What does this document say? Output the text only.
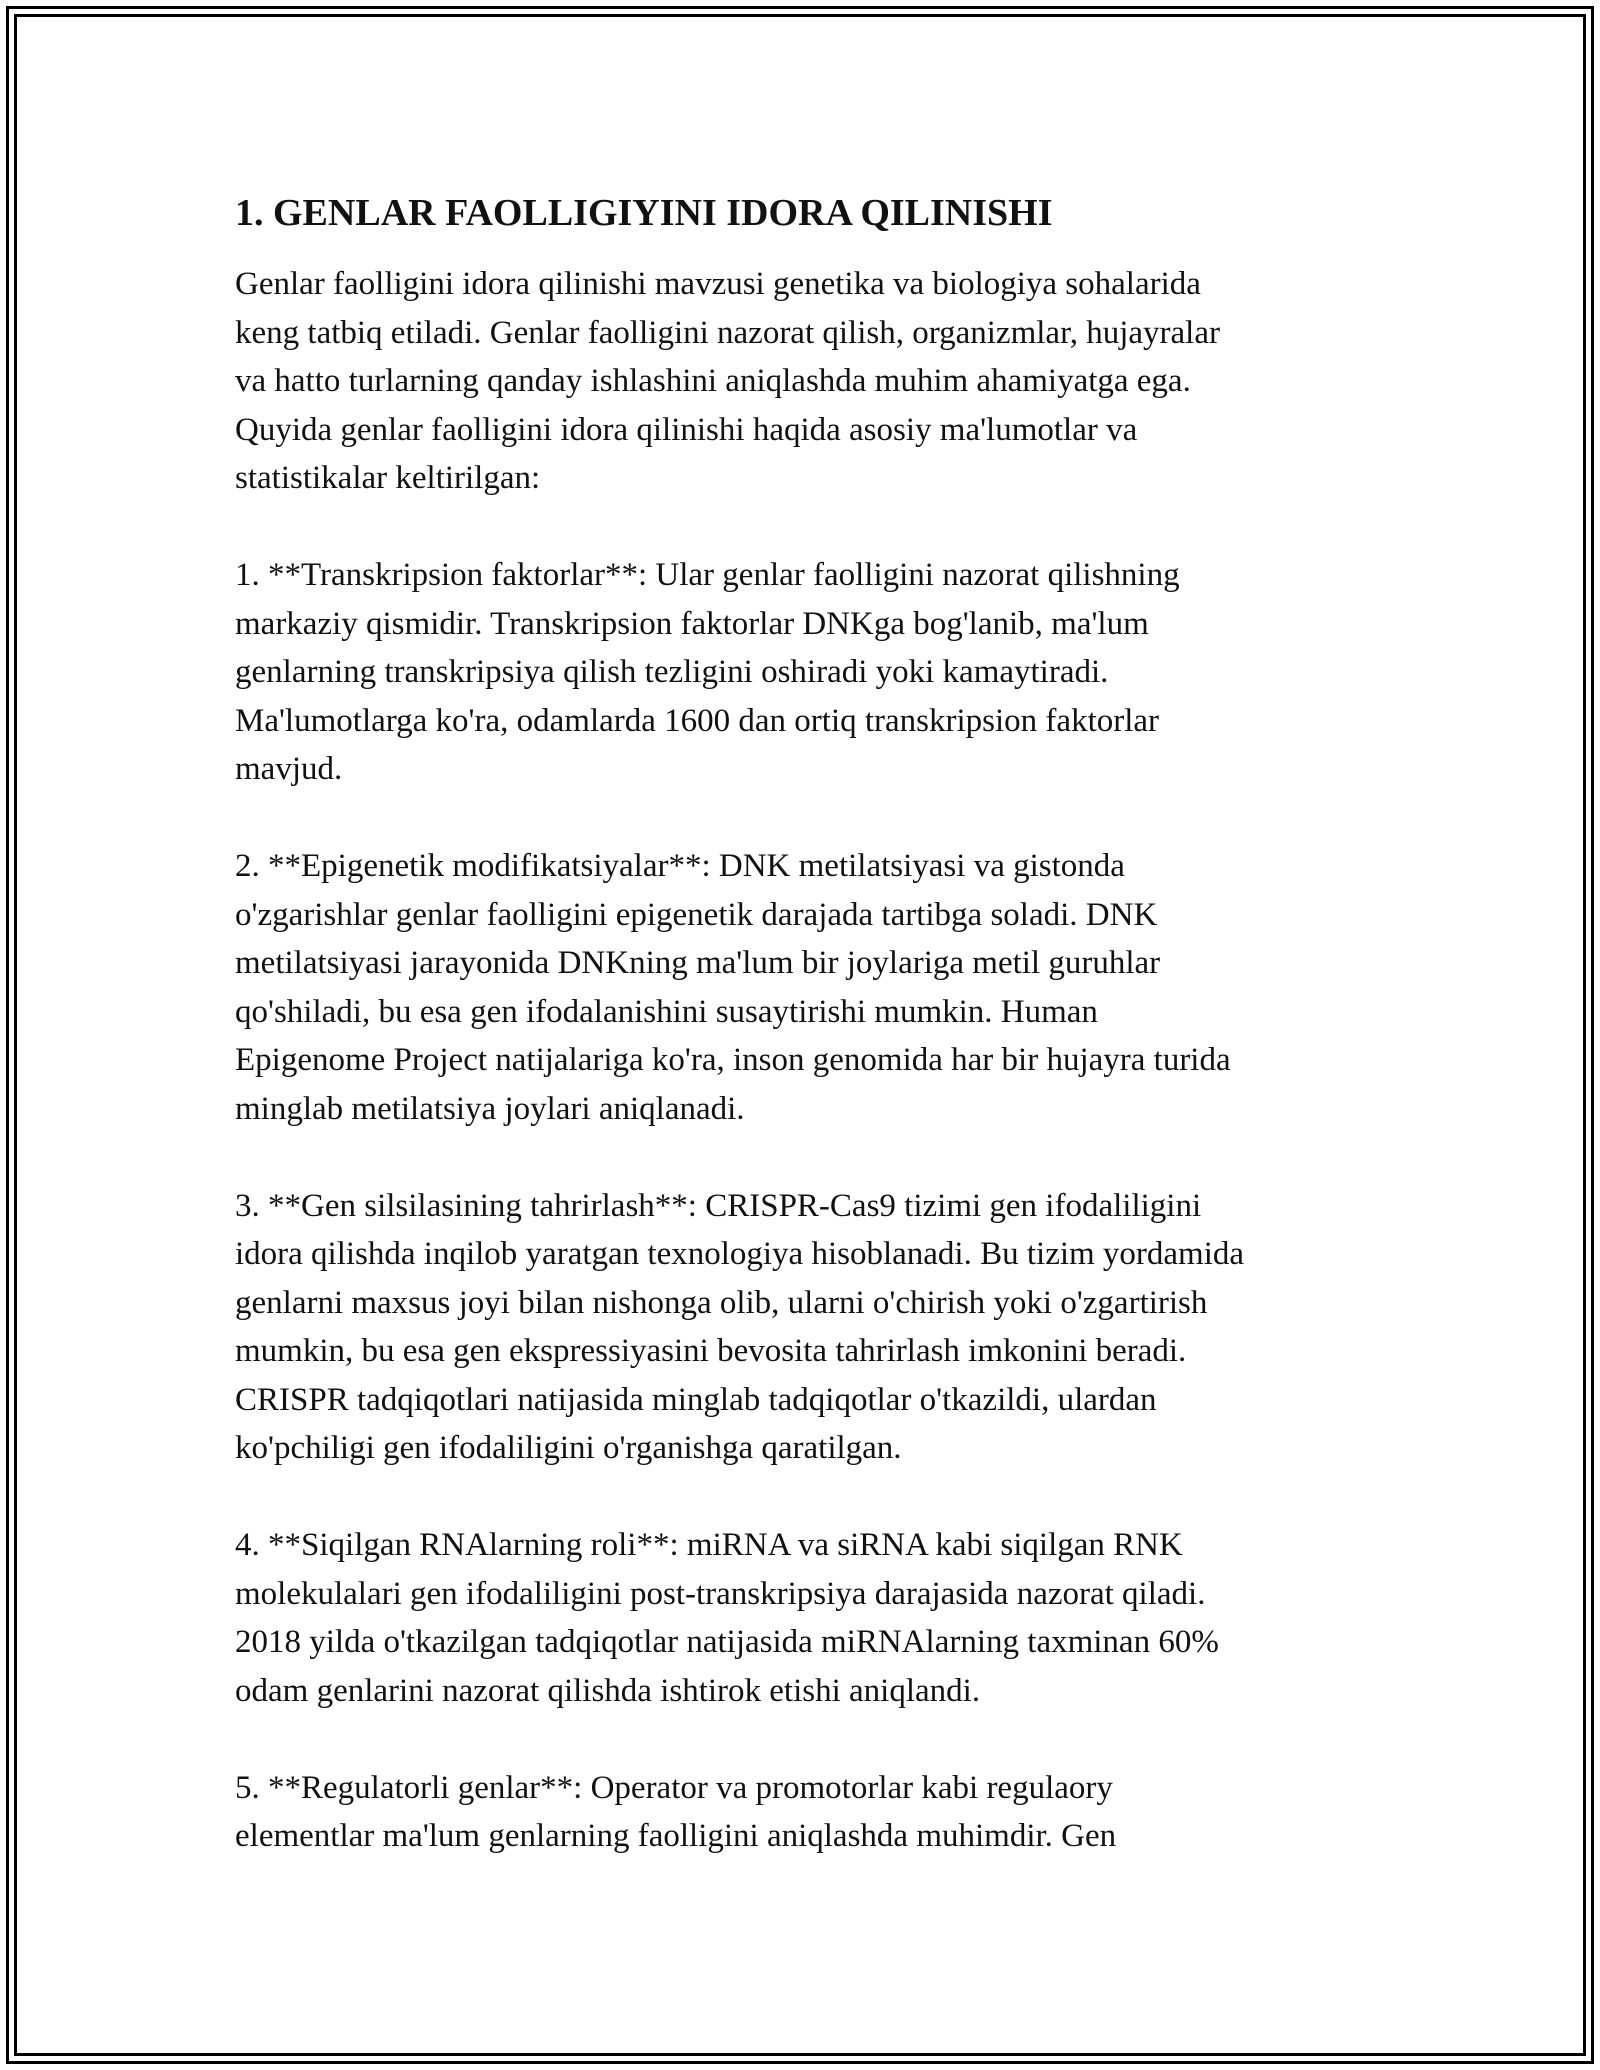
1. GENLAR FAOLLIGIYINI IDORA QILINISHI

Genlar faolligini idora qilinishi mavzusi genetika va biologiya sohalarida
keng tatbiq etiladi. Genlar faolligini nazorat qilish, organizmlar, hujayralar
va hatto turlarning qanday ishlashini aniqlashda muhim ahamiyatga ega.
Quyida genlar faolligini idora qilinishi haqida asosiy ma'lumotlar va
statistikalar keltirilgan:

1. **Transkripsion faktorlar**: Ular genlar faolligini nazorat qilishning
markaziy qismidir. Transkripsion faktorlar DNKga bog'lanib, ma'lum
genlarning transkripsiya qilish tezligini oshiradi yoki kamaytiradi.
Ma'lumotlarga ko'ra, odamlarda 1600 dan ortiq transkripsion faktorlar
mavjud.

2. **Epigenetik modifikatsiyalar**: DNK metilatsiyasi va gistonda
o'zgarishlar genlar faolligini epigenetik darajada tartibga soladi. DNK
metilatsiyasi jarayonida DNKning ma'lum bir joylariga metil guruhlar
qo'shiladi, bu esa gen ifodalanishini susaytirishi mumkin. Human
Epigenome Project natijalariga ko'ra, inson genomida har bir hujayra turida
minglab metilatsiya joylari aniqlanadi.

3. **Gen silsilasining tahrirlash**: CRISPR-Cas9 tizimi gen ifodaliligini
idora qilishda inqilob yaratgan texnologiya hisoblanadi. Bu tizim yordamida
genlarni maxsus joyi bilan nishonga olib, ularni o'chirish yoki o'zgartirish
mumkin, bu esa gen ekspressiyasini bevosita tahrirlash imkonini beradi.
CRISPR tadqiqotlari natijasida minglab tadqiqotlar o'tkazildi, ulardan
ko'pchiligi gen ifodaliligini o'rganishga qaratilgan.

4. **Siqilgan RNAlarning roli**: miRNA va siRNA kabi siqilgan RNK
molekulalari gen ifodaliligini post-transkripsiya darajasida nazorat qiladi.
2018 yilda o'tkazilgan tadqiqotlar natijasida miRNAlarning taxminan 60%
odam genlarini nazorat qilishda ishtirok etishi aniqlandi.

5. **Regulatorli genlar**: Operator va promotorlar kabi regulaory
elementlar ma'lum genlarning faolligini aniqlashda muhimdir. Gen
